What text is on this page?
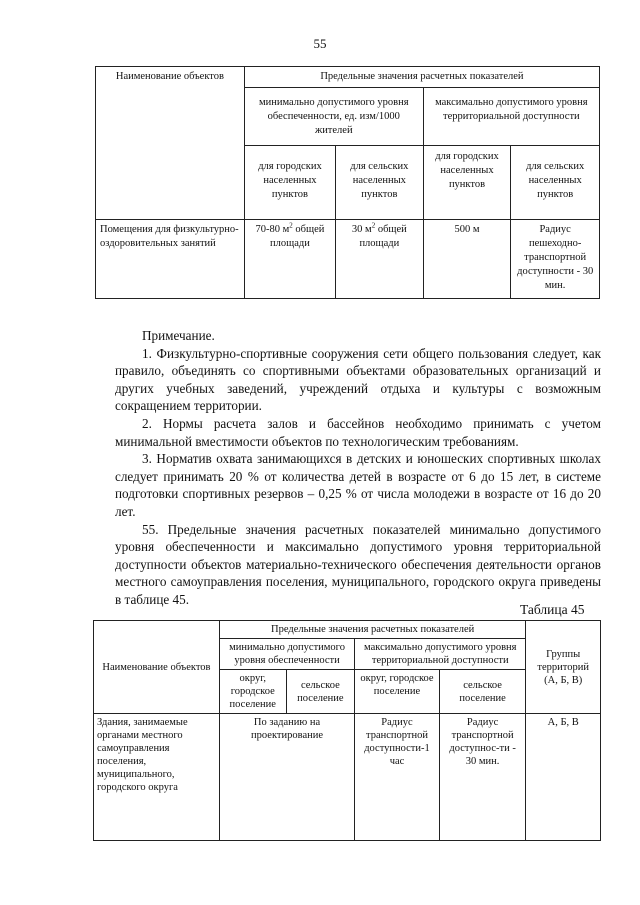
55
Наименование объектов	Предельные значения расчетных показателей			
	минимально допустимого уровня обеспеченности, ед. изм/1000 жителей		максимально допустимого уровня территориальной доступности	
	для городских населенных пунктов	для сельских населенных пунктов	для городских населенных пунктов	для сельских населенных пунктов
Помещения для физкультурно-оздоровительных занятий	70-80 $м^2$ общей площади	30 $м^2$ общей площади	500 м	Радиус пешеходно-транспортной доступности - 30 мин.

Примечание.

1. Физкультурно-спортивные сооружения сети общего пользования следует, как правило, объединять со спортивными объектами образовательных организаций и других учебных заведений, учреждений отдыха и культуры с возможным сокращением территории.

2. Нормы расчета залов и бассейнов необходимо принимать с учетом минимальной вместимости объектов по технологическим требованиям.

3. Норматив охвата занимающихся в детских и юношеских спортивных школах следует принимать 20 % от количества детей в возрасте от 6 до 15 лет, в системе подготовки спортивных резервов – 0,25 % от числа молодежи в возрасте от 16 до 20 лет.

55. Предельные значения расчетных показателей минимально допустимого уровня обеспеченности и максимально допустимого уровня территориальной доступности объектов материально-технического обеспечения деятельности органов местного самоуправления поселения, муниципального, городского округа приведены в таблице 45.

Таблица 45
Наименование объектов	Предельные значения расчетных показателей				Группы территорий (А, Б, В)
	минимально допустимого уровня обеспеченности		максимально допустимого уровня территориальной доступности		
	округ, городское поселение	сельское поселение	округ, городское поселение	сельское поселение	
Здания, занимаемые органами местного самоуправления поселения, муниципального, городского округа	По заданию на проектирование		Радиус транспортной доступности-1 час	Радиус транспортной доступнос-ти - 30 мин.	А, Б, В
